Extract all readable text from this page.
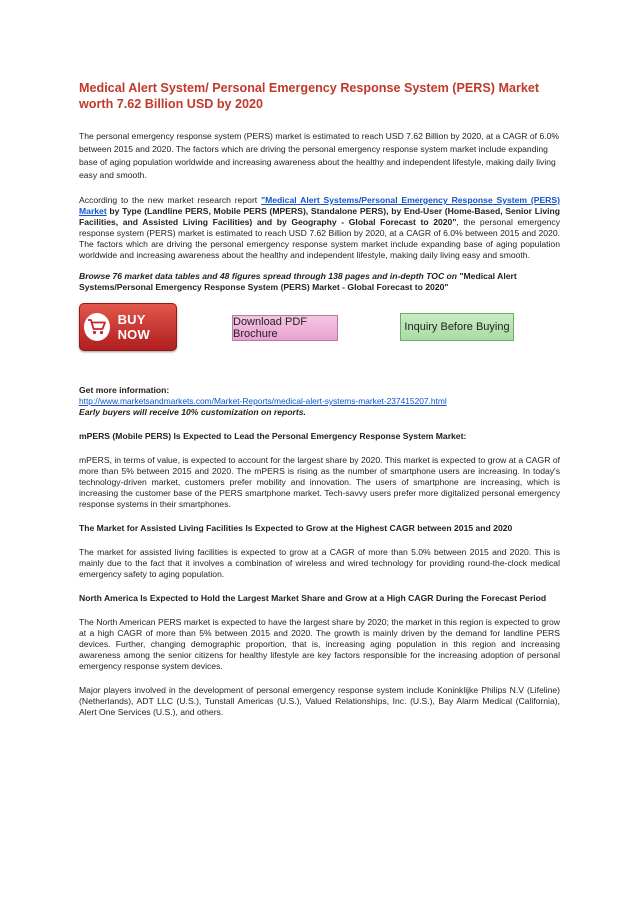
Medical Alert System/ Personal Emergency Response System (PERS) Market worth 7.62 Billion USD by 2020

The personal emergency response system (PERS) market is estimated to reach USD 7.62 Billion by 2020, at a CAGR of 6.0% between 2015 and 2020. The factors which are driving the personal emergency response system market include expanding base of aging population worldwide and increasing awareness about the healthy and independent lifestyle, making daily living easy and smooth.

According to the new market research report "Medical Alert Systems/Personal Emergency Response System (PERS) Market by Type (Landline PERS, Mobile PERS (MPERS), Standalone PERS), by End-User (Home-Based, Senior Living Facilities, and Assisted Living Facilities) and by Geography - Global Forecast to 2020", the personal emergency response system (PERS) market is estimated to reach USD 7.62 Billion by 2020, at a CAGR of 6.0% between 2015 and 2020. The factors which are driving the personal emergency response system market include expanding base of aging population worldwide and increasing awareness about the healthy and independent lifestyle, making daily living easy and smooth.

Browse 76 market data tables and 48 figures spread through 138 pages and in-depth TOC on "Medical Alert Systems/Personal Emergency Response System (PERS) Market - Global Forecast to 2020"

BUY NOW
Download PDF Brochure
Inquiry Before Buying

Get more information:

http://www.marketsandmarkets.com/Market-Reports/medical-alert-systems-market-237415207.html

Early buyers will receive 10% customization on reports.

mPERS (Mobile PERS) Is Expected to Lead the Personal Emergency Response System Market:

mPERS, in terms of value, is expected to account for the largest share by 2020. This market is expected to grow at a CAGR of more than 5% between 2015 and 2020. The mPERS is rising as the number of smartphone users are increasing. In today's technology-driven market, customers prefer mobility and innovation. The users of smartphone are increasing, which is increasing the customer base of the PERS smartphone market. Tech-savvy users prefer more digitalized personal emergency response systems in their smartphones.

The Market for Assisted Living Facilities Is Expected to Grow at the Highest CAGR between 2015 and 2020

The market for assisted living facilities is expected to grow at a CAGR of more than 5.0% between 2015 and 2020. This is mainly due to the fact that it involves a combination of wireless and wired technology for providing round-the-clock medical emergency safety to aging population.

North America Is Expected to Hold the Largest Market Share and Grow at a High CAGR During the Forecast Period

The North American PERS market is expected to have the largest share by 2020; the market in this region is expected to grow at a high CAGR of more than 5% between 2015 and 2020. The growth is mainly driven by the demand for landline PERS devices. Further, changing demographic proportion, that is, increasing aging population in this region and increasing awareness among the senior citizens for healthy lifestyle are key factors responsible for the increasing adoption of personal emergency response system devices.

Major players involved in the development of personal emergency response system include Koninklijke Philips N.V (Lifeline) (Netherlands), ADT LLC (U.S.), Tunstall Americas (U.S.), Valued Relationships, Inc. (U.S.), Bay Alarm Medical (California), Alert One Services (U.S.), and others.
